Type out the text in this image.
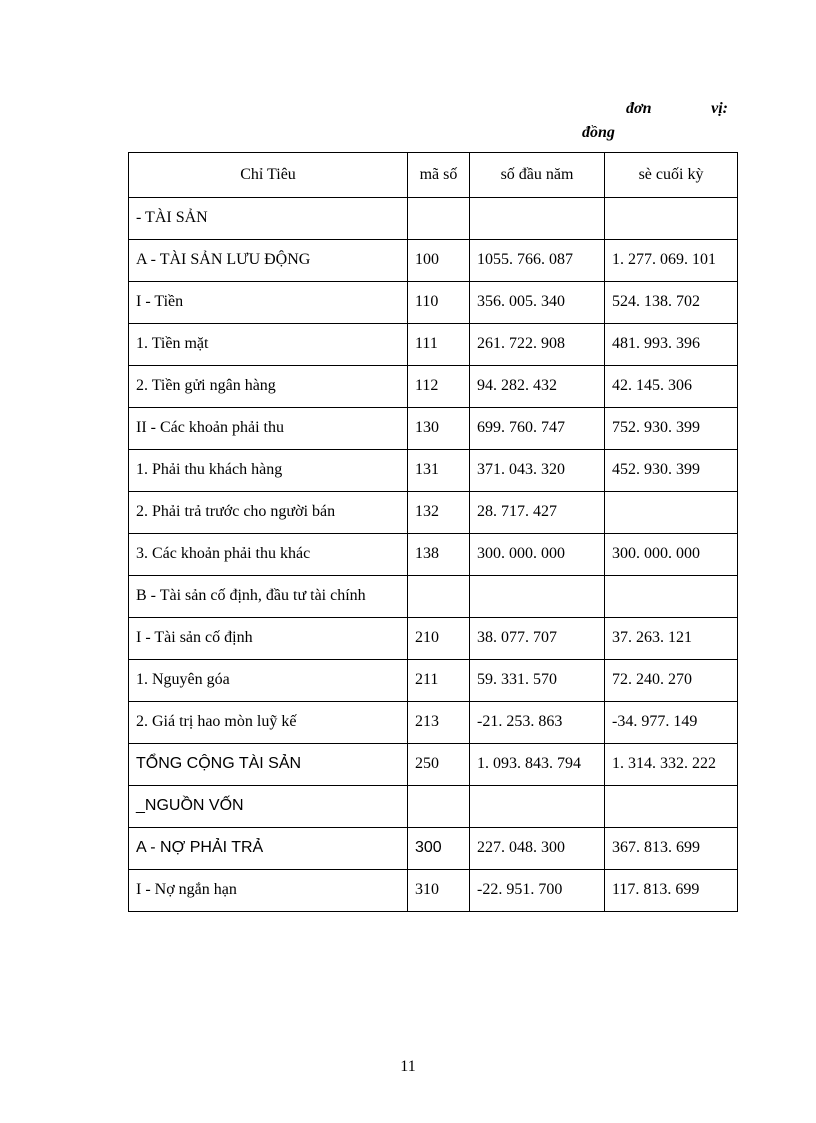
đơn vị:
đồng
Chỉ Tiêu	mã số	số đầu năm	sè cuối kỳ
- TÀI SẢN			
A - TÀI SẢN LƯU ĐỘNG	100	1055. 766. 087	1. 277. 069. 101
I - Tiền	110	356. 005. 340	524. 138. 702
1. Tiền mặt	111	261. 722. 908	481. 993. 396
2. Tiền gửi ngân hàng	112	94. 282. 432	42. 145. 306
II - Các khoản phải thu	130	699. 760. 747	752. 930. 399
1. Phải thu khách hàng	131	371. 043. 320	452. 930. 399
2. Phải trả trước cho người bán	132	28. 717. 427	
3. Các khoản phải thu khác	138	300. 000. 000	300. 000. 000
B - Tài sản cố định, đầu tư tài chính			
I - Tài sản cố định	210	38. 077. 707	37. 263. 121
1. Nguyên góa	211	59. 331. 570	72. 240. 270
2. Giá trị hao mòn luỹ kế	213	-21. 253. 863	-34. 977. 149
TỔNG CỘNG TÀI SẢN	250	1. 093. 843. 794	1. 314. 332. 222
_NGUỒN VỐN			
A - NỢ PHẢI TRẢ	300	227. 048. 300	367. 813. 699
I - Nợ ngắn hạn	310	-22. 951. 700	117. 813. 699
11
